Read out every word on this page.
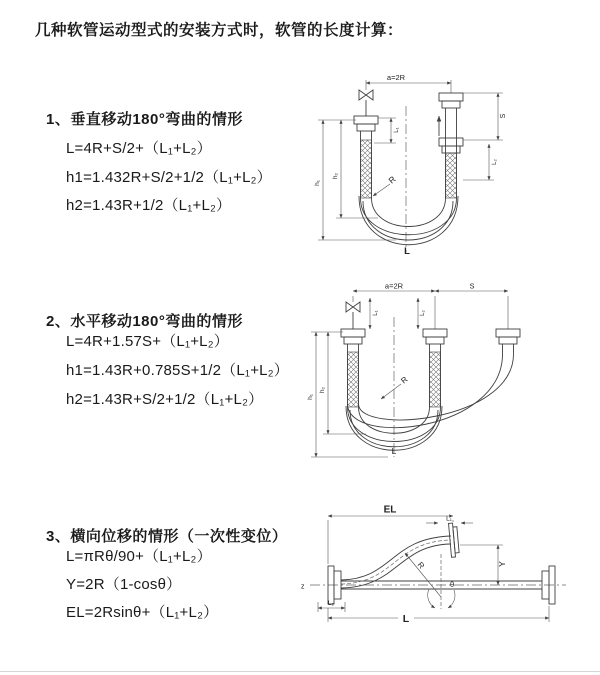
几种软管运动型式的安装方式时，软管的长度计算：
1、垂直移动180°弯曲的情形
L=4R+S/2+（L₁+L₂）
h1=1.432R+S/2+1/2（L₁+L₂）
h2=1.43R+1/2（L₁+L₂）
2、水平移动180°弯曲的情形
L=4R+1.57S+（L₁+L₂）
h1=1.43R+0.785S+1/2（L₁+L₂）
h2=1.43R+S/2+1/2（L₁+L₂）
3、横向位移的情形（一次性变位）
L=πRθ/90+（L₁+L₂）
Y=2R（1-cosθ）
EL=2Rsinθ+（L₁+L₂）
a=2R
h₁
h₂
L₁
S
L₂
R
L
a=2R	S
h₁
h₂
L₁	L₂
R
L
z
EL
L₁
Y
R
θ
L₂
L
